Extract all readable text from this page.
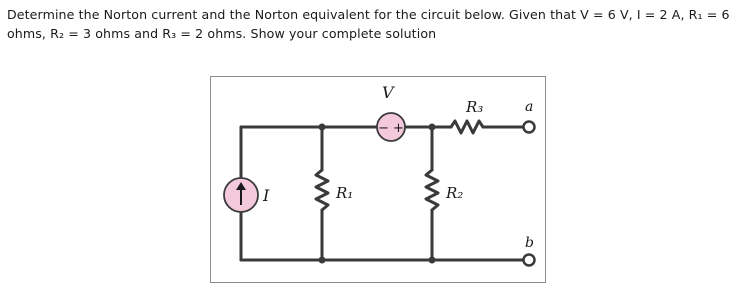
Determine the Norton current and the Norton equivalent for the circuit below. Given that V = 6 V, I = 2 A, R₁ = 6
ohms, R₂ = 3 ohms and R₃ = 2 ohms. Show your complete solution
− +
V
I	R₁	R₂
R₃	a
b
